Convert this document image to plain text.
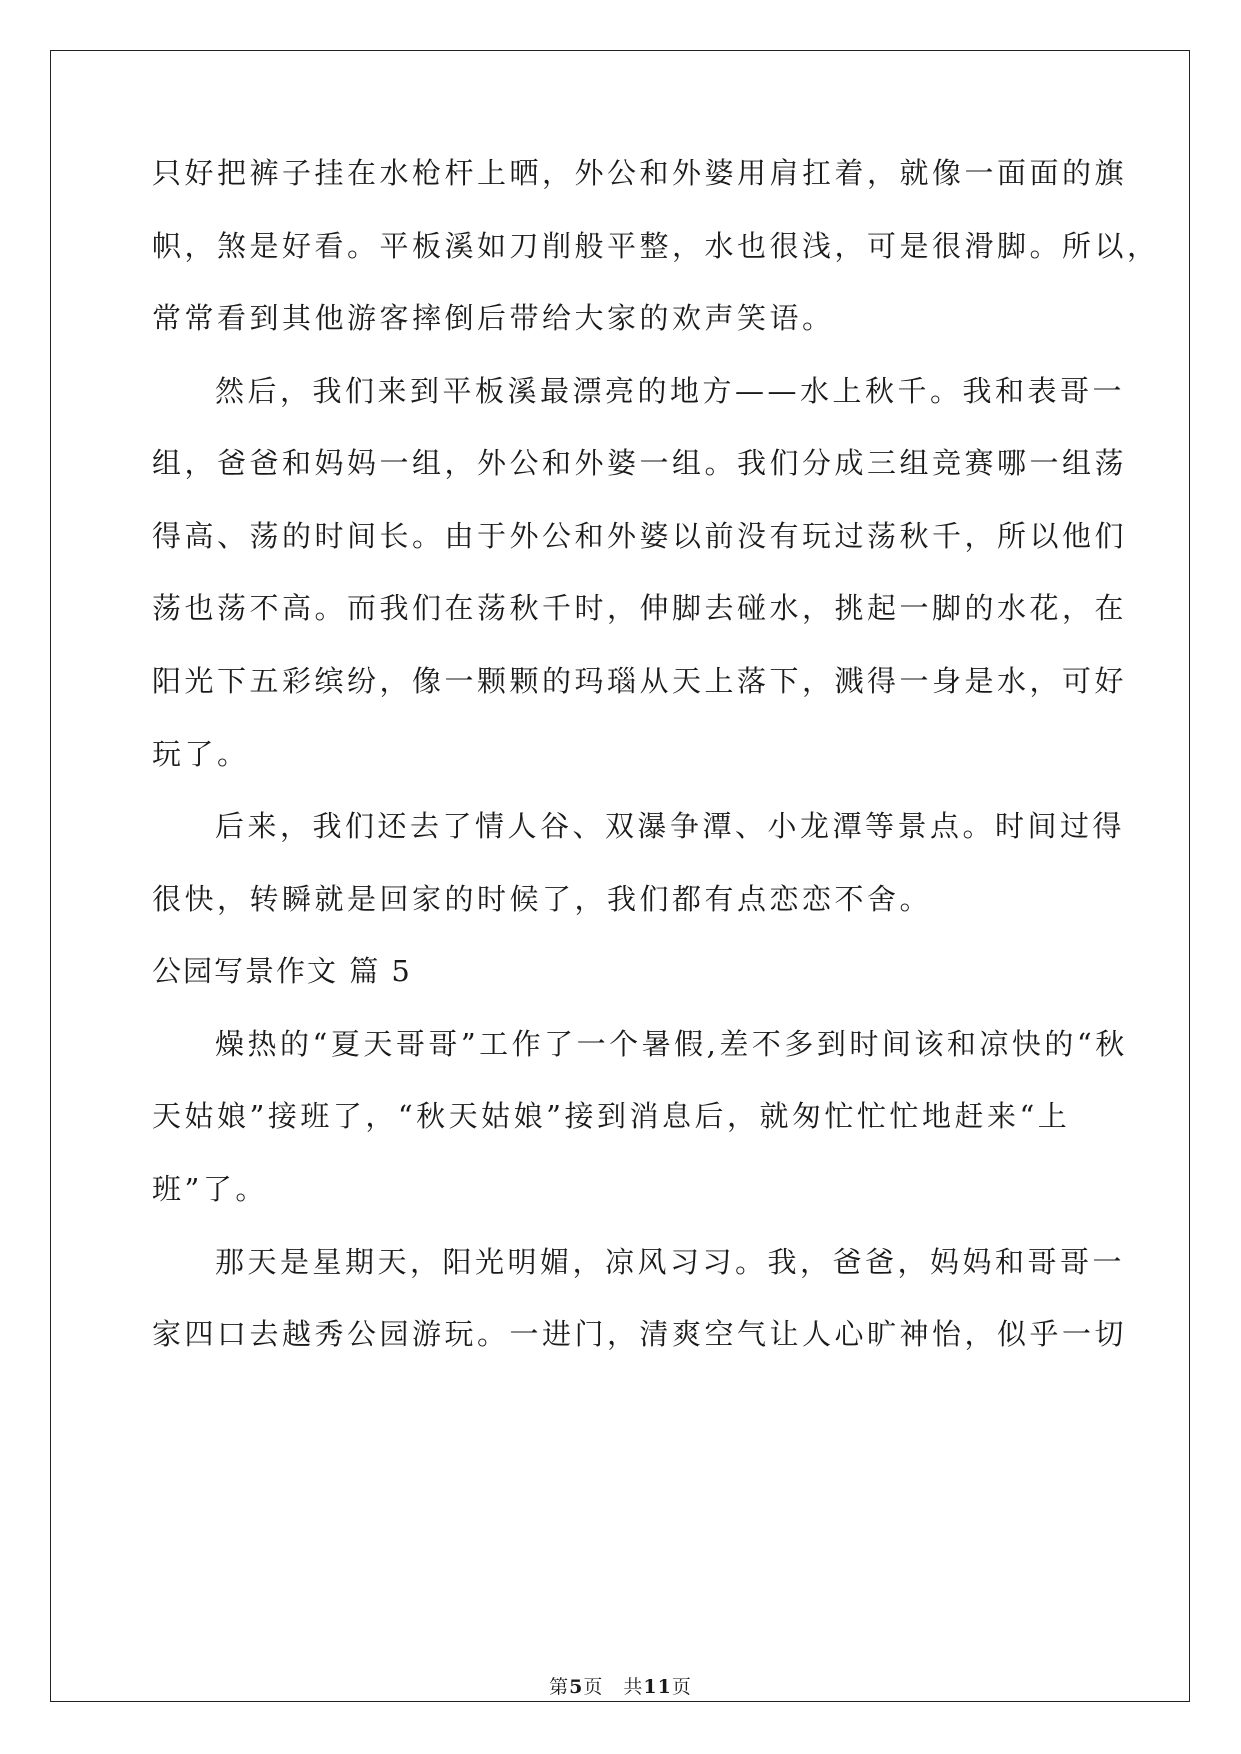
只好把裤子挂在水枪杆上晒，外公和外婆用肩扛着，就像一面面的旗
帜，煞是好看。平板溪如刀削般平整，水也很浅，可是很滑脚。所以，
常常看到其他游客摔倒后带给大家的欢声笑语。
然后，我们来到平板溪最漂亮的地方——水上秋千。我和表哥一
组，爸爸和妈妈一组，外公和外婆一组。我们分成三组竞赛哪一组荡
得高、荡的时间长。由于外公和外婆以前没有玩过荡秋千，所以他们
荡也荡不高。而我们在荡秋千时，伸脚去碰水，挑起一脚的水花，在
阳光下五彩缤纷，像一颗颗的玛瑙从天上落下，溅得一身是水，可好
玩了。
后来，我们还去了情人谷、双瀑争潭、小龙潭等景点。时间过得
很快，转瞬就是回家的时候了，我们都有点恋恋不舍。
公园写景作文 篇 5
燥热的“夏天哥哥”工作了一个暑假,差不多到时间该和凉快的“秋
天姑娘”接班了，“秋天姑娘”接到消息后，就匆忙忙忙地赶来“上
班”了。
那天是星期天，阳光明媚，凉风习习。我，爸爸，妈妈和哥哥一
家四口去越秀公园游玩。一进门，清爽空气让人心旷神怡，似乎一切
第5页　共11页
